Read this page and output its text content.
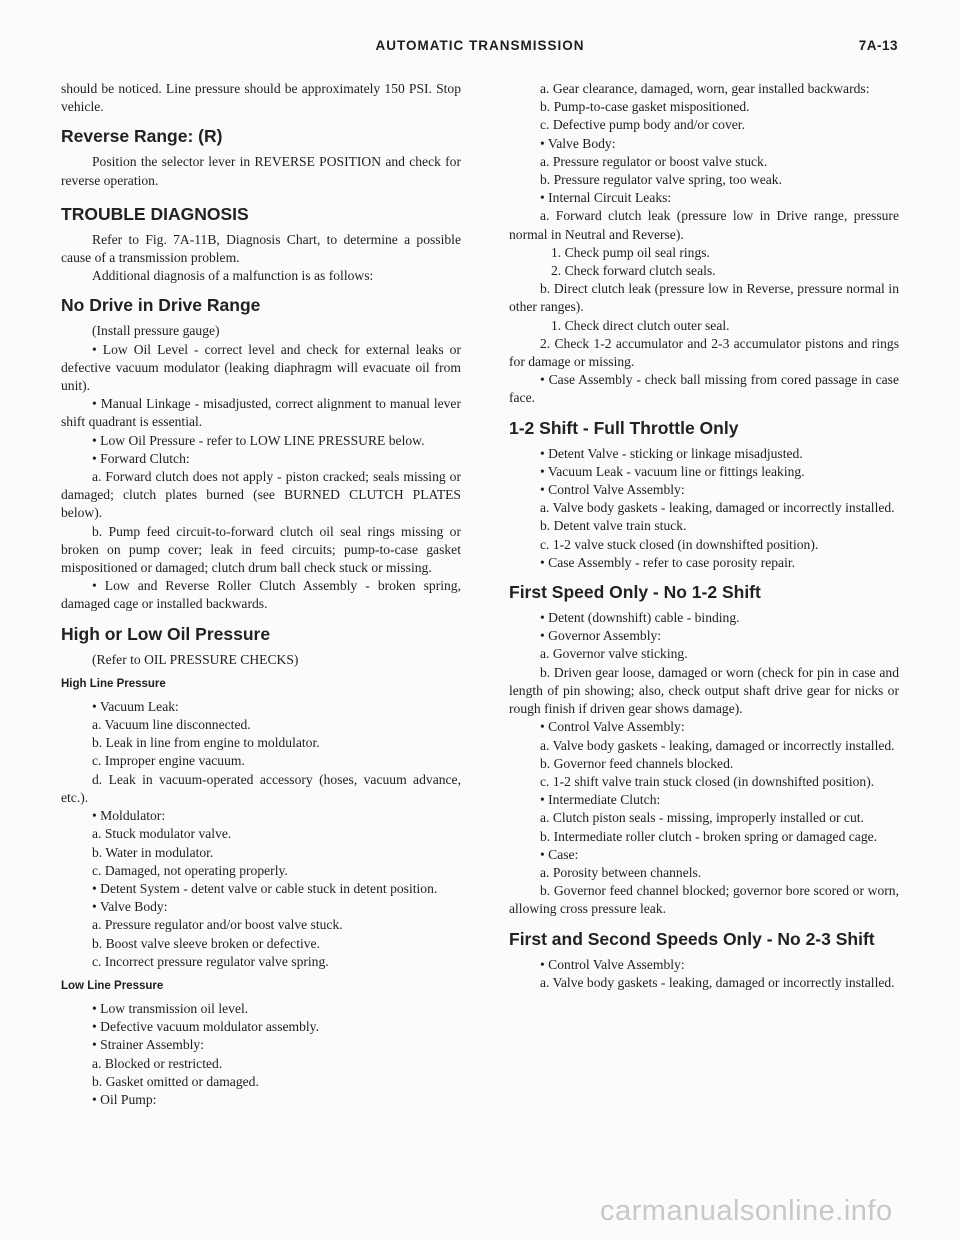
AUTOMATIC TRANSMISSION	7A-13

should be noticed. Line pressure should be approximately 150 PSI. Stop vehicle.

Reverse Range: (R)

Position the selector lever in REVERSE POSITION and check for reverse operation.

TROUBLE DIAGNOSIS

Refer to Fig. 7A-11B, Diagnosis Chart, to determine a possible cause of a transmission problem.

Additional diagnosis of a malfunction is as follows:

No Drive in Drive Range

(Install pressure gauge)

• Low Oil Level - correct level and check for external leaks or defective vacuum modulator (leaking diaphragm will evacuate oil from unit).

• Manual Linkage - misadjusted, correct alignment to manual lever shift quadrant is essential.

• Low Oil Pressure - refer to LOW LINE PRESSURE below.

• Forward Clutch:

a. Forward clutch does not apply - piston cracked; seals missing or damaged; clutch plates burned (see BURNED CLUTCH PLATES below).

b. Pump feed circuit-to-forward clutch oil seal rings missing or broken on pump cover; leak in feed circuits; pump-to-case gasket mispositioned or damaged; clutch drum ball check stuck or missing.

• Low and Reverse Roller Clutch Assembly - broken spring, damaged cage or installed backwards.

High or Low Oil Pressure

(Refer to OIL PRESSURE CHECKS)

High Line Pressure

• Vacuum Leak:

a. Vacuum line disconnected.

b. Leak in line from engine to moldulator.

c. Improper engine vacuum.

d. Leak in vacuum-operated accessory (hoses, vacuum advance, etc.).

• Moldulator:

a. Stuck modulator valve.

b. Water in modulator.

c. Damaged, not operating properly.

• Detent System - detent valve or cable stuck in detent position.

• Valve Body:

a. Pressure regulator and/or boost valve stuck.

b. Boost valve sleeve broken or defective.

c. Incorrect pressure regulator valve spring.

Low Line Pressure

• Low transmission oil level.

• Defective vacuum moldulator assembly.

• Strainer Assembly:

a. Blocked or restricted.

b. Gasket omitted or damaged.

• Oil Pump:

a. Gear clearance, damaged, worn, gear installed backwards:

b. Pump-to-case gasket mispositioned.

c. Defective pump body and/or cover.

• Valve Body:

a. Pressure regulator or boost valve stuck.

b. Pressure regulator valve spring, too weak.

• Internal Circuit Leaks:

a. Forward clutch leak (pressure low in Drive range, pressure normal in Neutral and Reverse).

1. Check pump oil seal rings.

2. Check forward clutch seals.

b. Direct clutch leak (pressure low in Reverse, pressure normal in other ranges).

1. Check direct clutch outer seal.

2. Check 1-2 accumulator and 2-3 accumulator pistons and rings for damage or missing.

• Case Assembly - check ball missing from cored passage in case face.

1-2 Shift - Full Throttle Only

• Detent Valve - sticking or linkage misadjusted.

• Vacuum Leak - vacuum line or fittings leaking.

• Control Valve Assembly:

a. Valve body gaskets - leaking, damaged or incorrectly installed.

b. Detent valve train stuck.

c. 1-2 valve stuck closed (in downshifted position).

• Case Assembly - refer to case porosity repair.

First Speed Only - No 1-2 Shift

• Detent (downshift) cable - binding.

• Governor Assembly:

a. Governor valve sticking.

b. Driven gear loose, damaged or worn (check for pin in case and length of pin showing; also, check output shaft drive gear for nicks or rough finish if driven gear shows damage).

• Control Valve Assembly:

a. Valve body gaskets - leaking, damaged or incorrectly installed.

b. Governor feed channels blocked.

c. 1-2 shift valve train stuck closed (in downshifted position).

• Intermediate Clutch:

a. Clutch piston seals - missing, improperly installed or cut.

b. Intermediate roller clutch - broken spring or damaged cage.

• Case:

a. Porosity between channels.

b. Governor feed channel blocked; governor bore scored or worn, allowing cross pressure leak.

First and Second Speeds Only - No 2-3 Shift

• Control Valve Assembly:

a. Valve body gaskets - leaking, damaged or incorrectly installed.

carmanualsonline.info
